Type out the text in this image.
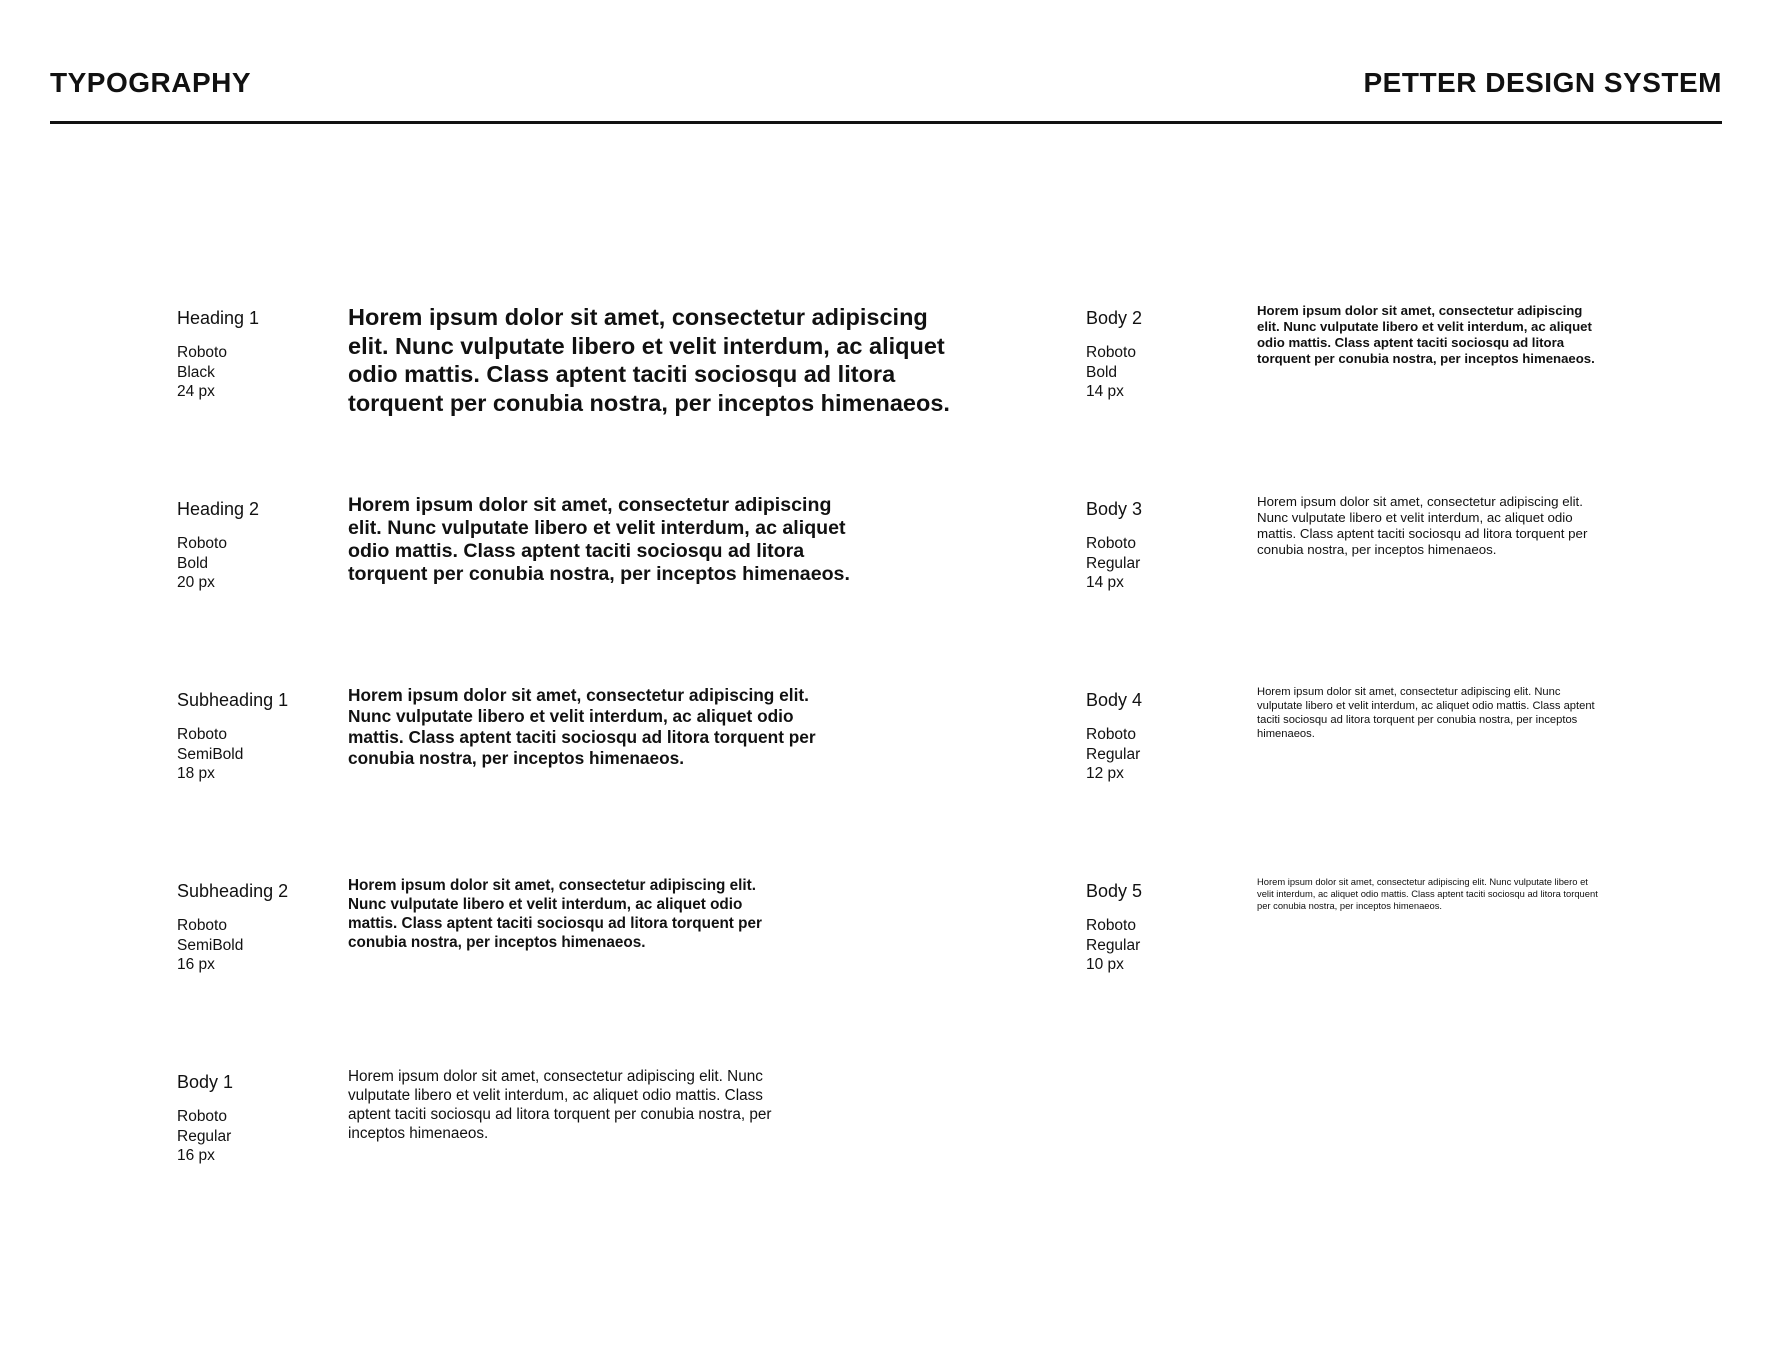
TYPOGRAPHY	PETTER DESIGN SYSTEM
Heading 1
Roboto
Black
24 px
Horem ipsum dolor sit amet, consectetur adipiscing elit. Nunc vulputate libero et velit interdum, ac aliquet odio mattis. Class aptent taciti sociosqu ad litora torquent per conubia nostra, per inceptos himenaeos.
Heading 2
Roboto
Bold
20 px
Horem ipsum dolor sit amet, consectetur adipiscing elit. Nunc vulputate libero et velit interdum, ac aliquet odio mattis. Class aptent taciti sociosqu ad litora torquent per conubia nostra, per inceptos himenaeos.
Subheading 1
Roboto
SemiBold
18 px
Horem ipsum dolor sit amet, consectetur adipiscing elit. Nunc vulputate libero et velit interdum, ac aliquet odio mattis. Class aptent taciti sociosqu ad litora torquent per conubia nostra, per inceptos himenaeos.
Subheading 2
Roboto
SemiBold
16 px
Horem ipsum dolor sit amet, consectetur adipiscing elit. Nunc vulputate libero et velit interdum, ac aliquet odio mattis. Class aptent taciti sociosqu ad litora torquent per conubia nostra, per inceptos himenaeos.
Body 1
Roboto
Regular
16 px
Horem ipsum dolor sit amet, consectetur adipiscing elit. Nunc vulputate libero et velit interdum, ac aliquet odio mattis. Class aptent taciti sociosqu ad litora torquent per conubia nostra, per inceptos himenaeos.
Body 2
Roboto
Bold
14 px
Horem ipsum dolor sit amet, consectetur adipiscing elit. Nunc vulputate libero et velit interdum, ac aliquet odio mattis. Class aptent taciti sociosqu ad litora torquent per conubia nostra, per inceptos himenaeos.
Body 3
Roboto
Regular
14 px
Horem ipsum dolor sit amet, consectetur adipiscing elit. Nunc vulputate libero et velit interdum, ac aliquet odio mattis. Class aptent taciti sociosqu ad litora torquent per conubia nostra, per inceptos himenaeos.
Body 4
Roboto
Regular
12 px
Horem ipsum dolor sit amet, consectetur adipiscing elit. Nunc vulputate libero et velit interdum, ac aliquet odio mattis. Class aptent taciti sociosqu ad litora torquent per conubia nostra, per inceptos himenaeos.
Body 5
Roboto
Regular
10 px
Horem ipsum dolor sit amet, consectetur adipiscing elit. Nunc vulputate libero et velit interdum, ac aliquet odio mattis. Class aptent taciti sociosqu ad litora torquent per conubia nostra, per inceptos himenaeos.
